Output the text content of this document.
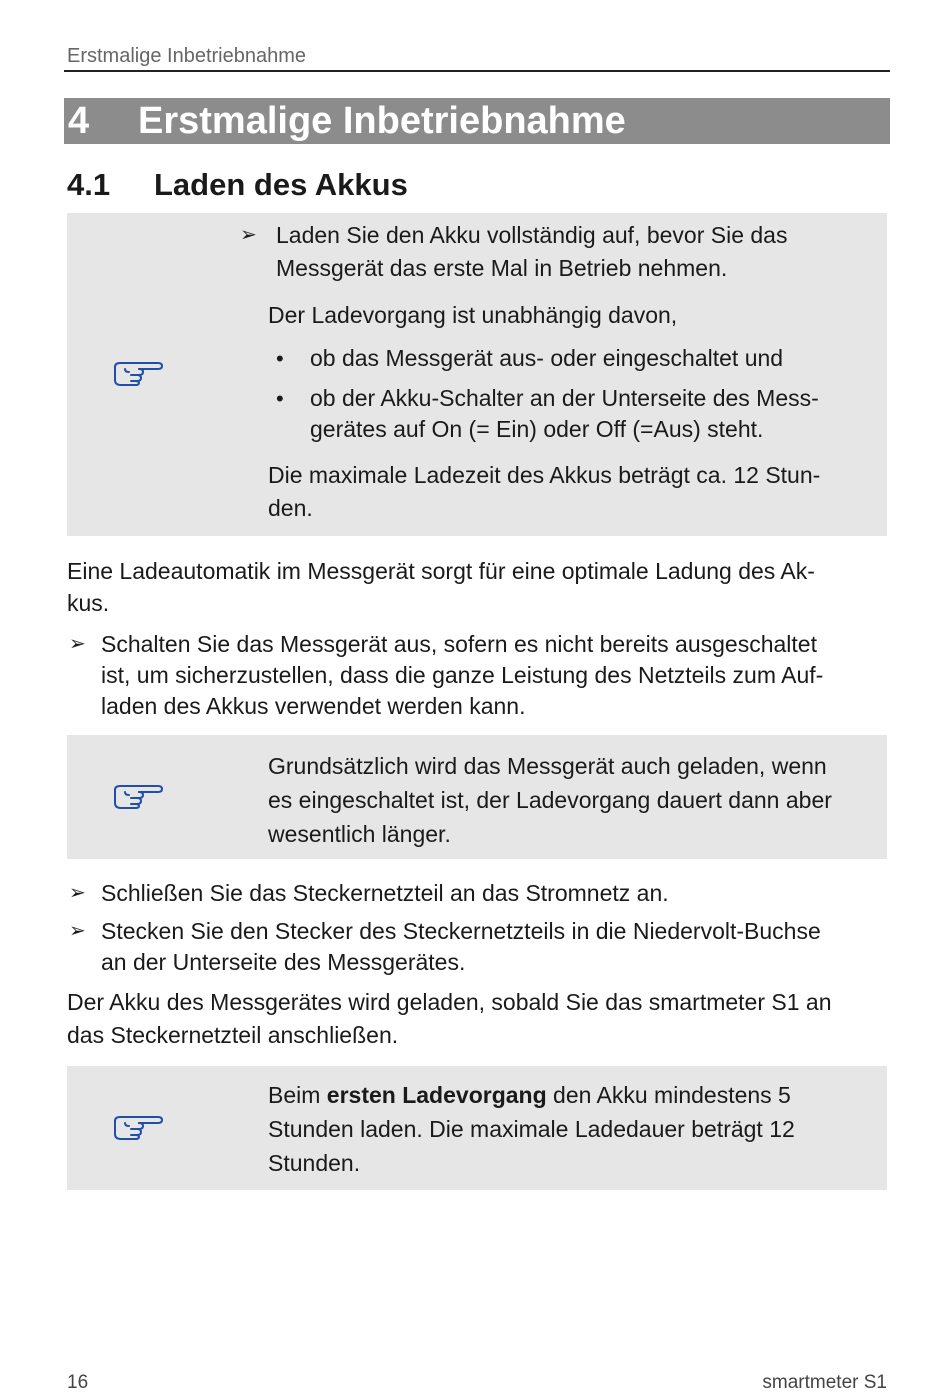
Erstmalige Inbetriebnahme
4 Erstmalige Inbetriebnahme
4.1 Laden des Akkus
➢ Laden Sie den Akku vollständig auf, bevor Sie das

Messgerät das erste Mal in Betrieb nehmen.

Der Ladevorgang ist unabhängig davon,

• ob das Messgerät aus- oder eingeschaltet und

• ob der Akku-Schalter an der Unterseite des Mess-

gerätes auf On (= Ein) oder Off (=Aus) steht.

Die maximale Ladezeit des Akkus beträgt ca. 12 Stun-

den.

Eine Ladeautomatik im Messgerät sorgt für eine optimale Ladung des Ak-

kus.

➢ Schalten Sie das Messgerät aus, sofern es nicht bereits ausgeschaltet

ist, um sicherzustellen, dass die ganze Leistung des Netzteils zum Auf-

laden des Akkus verwendet werden kann.

Grundsätzlich wird das Messgerät auch geladen, wenn

es eingeschaltet ist, der Ladevorgang dauert dann aber

wesentlich länger.

➢ Schließen Sie das Steckernetzteil an das Stromnetz an.

➢ Stecken Sie den Stecker des Steckernetzteils in die Niedervolt-Buchse

an der Unterseite des Messgerätes.

Der Akku des Messgerätes wird geladen, sobald Sie das smartmeter S1 an

das Steckernetzteil anschließen.

Beim ersten Ladevorgang den Akku mindestens 5

Stunden laden. Die maximale Ladedauer beträgt 12

Stunden.

16	smartmeter S1
